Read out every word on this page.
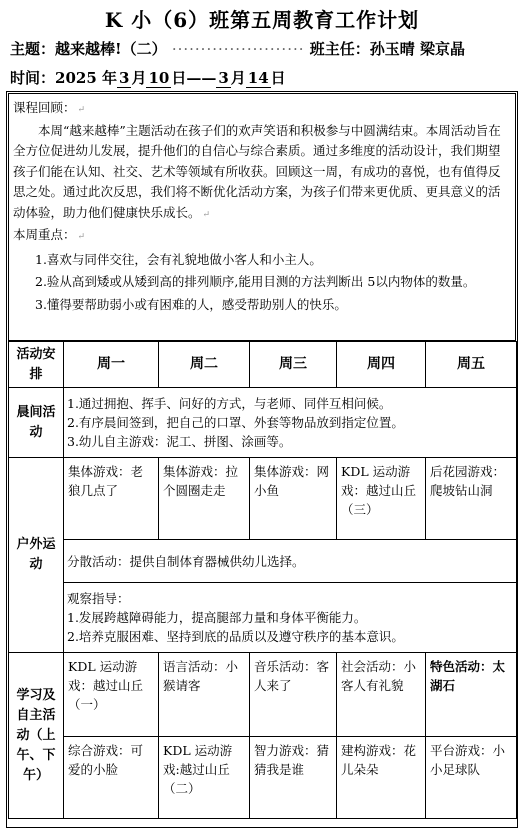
K 小（6）班第五周教育工作计划
主题：越来越棒!（二） ······················· 班主任：孙玉晴 梁京晶
时间：2025 年 3 月 10 日—— 3 月 14 日

课程回顾： ↵

本周“越来越棒”主题活动在孩子们的欢声笑语和积极参与中圆满结束。本周活动旨在全方位促进幼儿发展，提升他们的自信心与综合素质。通过多维度的活动设计，我们期望孩子们能在认知、社交、艺术等领域有所收获。回顾这一周，有成功的喜悦，也有值得反思之处。通过此次反思，我们将不断优化活动方案，为孩子们带来更优质、更具意义的活动体验，助力他们健康快乐成长。 ↵

本周重点： ↵

1.喜欢与同伴交往，会有礼貌地做小客人和小主人。

2.验从高到矮或从矮到高的排列顺序,能用目测的方法判断出 5以内物体的数量。

3.懂得要帮助弱小或有困难的人，感受帮助别人的快乐。

活动安排	周一	周二	周三	周四	周五
晨间活动	1.通过拥抱、挥手、问好的方式，与老师、同伴互相问候。
2.有序晨间签到，把自己的口罩、外套等物品放到指定位置。
3.幼儿自主游戏：泥工、拼图、涂画等。				

户外运动	集体游戏：老狼几点了	集体游戏：拉个圆圈走走	集体游戏：网小鱼	KDL 运动游戏：越过山丘（三）	后花园游戏：爬坡钻山洞
	分散活动：提供自制体育器械供幼儿选择。				

	观察指导：
1.发展跨越障碍能力，提高腿部力量和身体平衡能力。
2.培养克服困难、坚持到底的品质以及遵守秩序的基本意识。				

学习及自主活动（上午、下午）	KDL 运动游戏：越过山丘（一）	语言活动：小猴请客	音乐活动：客人来了	社会活动：小客人有礼貌	特色活动：太湖石
	综合游戏：可爱的小脸	KDL 运动游戏:越过山丘（二）	智力游戏：猜猜我是谁	建构游戏：花儿朵朵	平台游戏：小小足球队
